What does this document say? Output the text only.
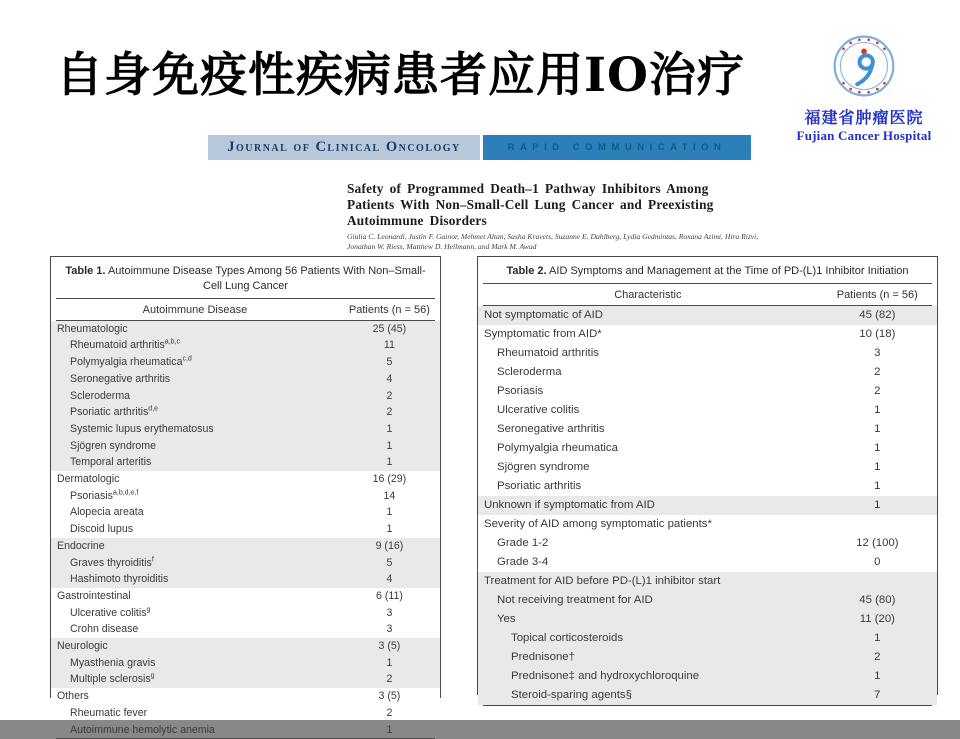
自身免疫性疾病患者应用IO治疗
福建省肿瘤医院
Fujian Cancer Hospital
Journal of Clinical Oncology	RAPID COMMUNICATION
Safety of Programmed Death–1 Pathway Inhibitors Among Patients With Non–Small-Cell Lung Cancer and Preexisting Autoimmune Disorders
Giulia C. Leonardi, Justin F. Gainor, Mehmet Altan, Sasha Kravets, Suzanne E. Dahlberg, Lydia Gedmintas, Roxana Azimi, Hira Rizvi, Jonathan W. Riess, Matthew D. Hellmann, and Mark M. Awad
Table 1. Autoimmune Disease Types Among 56 Patients With Non–Small-Cell Lung Cancer
Autoimmune Disease	Patients (n = 56)
Rheumatologic	25 (45)
Rheumatoid arthritis$^{a,b,c}$	11
Polymyalgia rheumatica$^{c,d}$	5
Seronegative arthritis	4
Scleroderma	2
Psoriatic arthritis$^{d,e}$	2
Systemic lupus erythematosus	1
Sjögren syndrome	1
Temporal arteritis	1
Dermatologic	16 (29)
Psoriasis$^{a,b,d,e,f}$	14
Alopecia areata	1
Discoid lupus	1
Endocrine	9 (16)
Graves thyroiditis$^f$	5
Hashimoto thyroiditis	4
Gastrointestinal	6 (11)
Ulcerative colitis$^g$	3
Crohn disease	3
Neurologic	3 (5)
Myasthenia gravis	1
Multiple sclerosis$^g$	2
Others	3 (5)
Rheumatic fever	2
Autoimmune hemolytic anemia	1
Table 2. AID Symptoms and Management at the Time of PD-(L)1 Inhibitor Initiation
Characteristic	Patients (n = 56)
Not symptomatic of AID	45 (82)
Symptomatic from AID*	10 (18)
Rheumatoid arthritis	3
Scleroderma	2
Psoriasis	2
Ulcerative colitis	1
Seronegative arthritis	1
Polymyalgia rheumatica	1
Sjögren syndrome	1
Psoriatic arthritis	1
Unknown if symptomatic from AID	1
Severity of AID among symptomatic patients*	
Grade 1-2	12 (100)
Grade 3-4	0
Treatment for AID before PD-(L)1 inhibitor start	
Not receiving treatment for AID	45 (80)
Yes	11 (20)
Topical corticosteroids	1
Prednisone†	2
Prednisone‡ and hydroxychloroquine	1
Steroid-sparing agents§	7
